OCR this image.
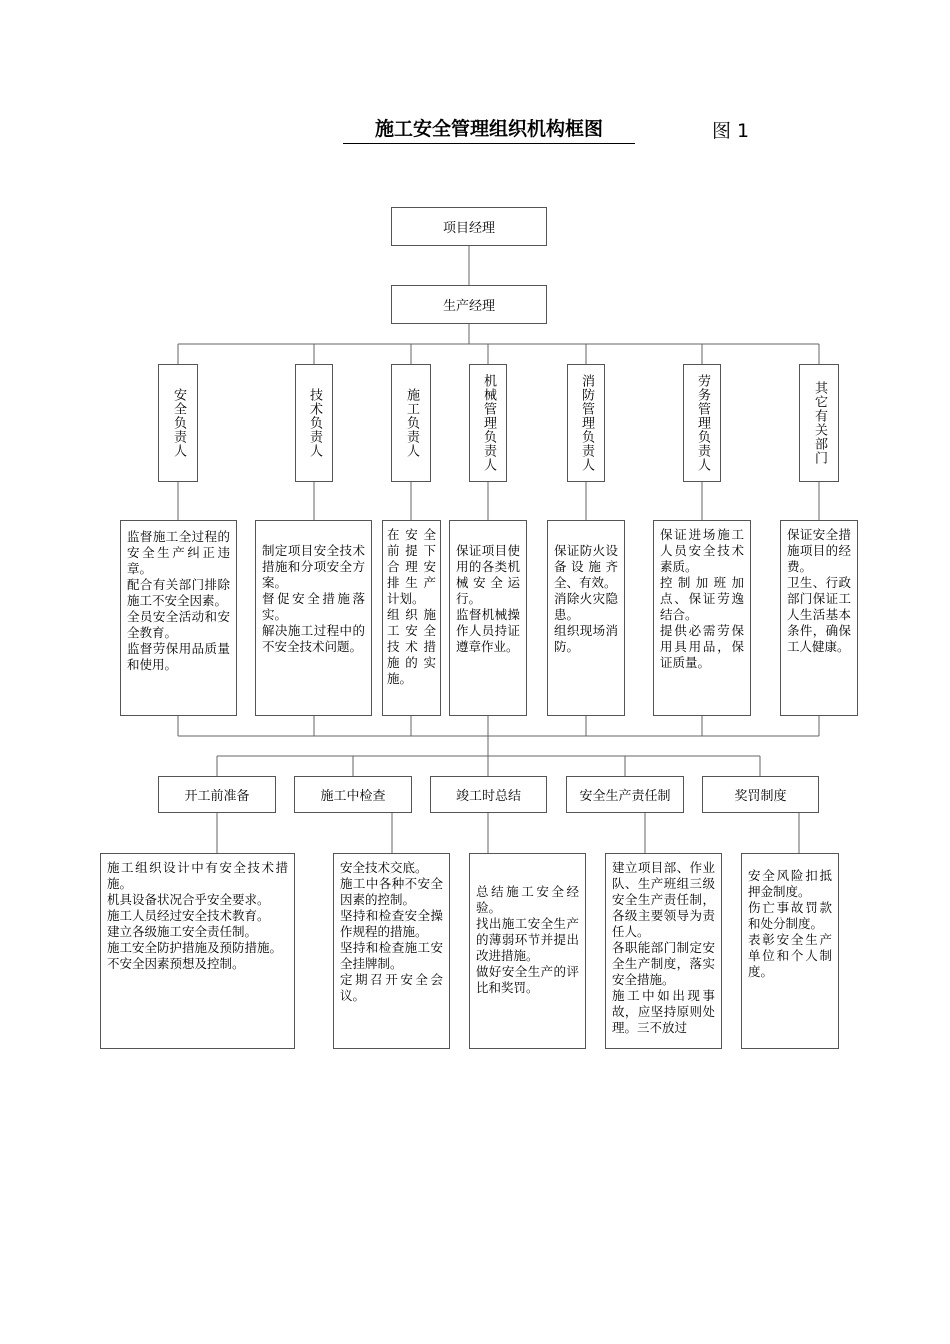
施工安全管理组织机构框图	图 1
项目经理
生产经理
安全负责人	技术负责人	施工负责人	机械管理负责人	消防管理负责人	劳务管理负责人	其它有关部门
监督施工全过程的安全生产纠正违章。
配合有关部门排除施工不安全因素。
全员安全活动和安全教育。
监督劳保用品质量和使用。
制定项目安全技术措施和分项安全方案。
督促安全措施落实。
解决施工过程中的不安全技术问题。
在安全前提下合理安排生产计划。
组织施工安全技术措施的实施。
保证项目使用的各类机械安全运行。
监督机械操作人员持证遵章作业。
保证防火设备设施齐全、有效。
消除火灾隐患。
组织现场消防。
保证进场施工人员安全技术素质。
控制加班加点、保证劳逸结合。
提供必需劳保用具用品，保证质量。
保证安全措施项目的经费。
卫生、行政部门保证工人生活基本条件，确保工人健康。
开工前准备	施工中检查	竣工时总结	安全生产责任制	奖罚制度
施工组织设计中有安全技术措施。
机具设备状况合乎安全要求。
施工人员经过安全技术教育。
建立各级施工安全责任制。
施工安全防护措施及预防措施。
不安全因素预想及控制。
安全技术交底。
施工中各种不安全因素的控制。
坚持和检查安全操作规程的措施。
坚持和检查施工安全挂牌制。
定期召开安全会议。
总结施工安全经验。
找出施工安全生产的薄弱环节并提出改进措施。
做好安全生产的评比和奖罚。
建立项目部、作业队、生产班组三级安全生产责任制，各级主要领导为责任人。
各职能部门制定安全生产制度，落实安全措施。
施工中如出现事故，应坚持原则处理。三不放过
安全风险扣抵押金制度。
伤亡事故罚款和处分制度。
表彰安全生产单位和个人制度。
